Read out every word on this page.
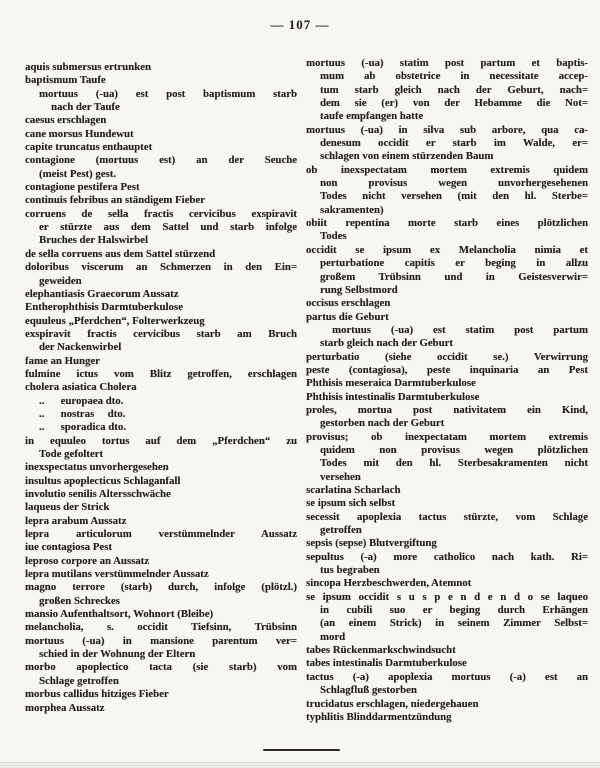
— 107 —
aquis submersus ertrunken
baptismum Taufe
mortuus (-ua) est post baptismum starb
nach der Taufe
caesus erschlagen
cane morsus Hundewut
capite truncatus enthauptet
contagione (mortuus est) an der Seuche
(meist Pest) gest.
contagione pestifera Pest
continuis febribus an ständigem Fieber
corruens de sella fractis cervicibus exspiravit
er stürzte aus dem Sattel und starb infolge
Bruches der Halswirbel
de sella corruens aus dem Sattel stürzend
doloribus viscerum an Schmerzen in den Ein=
geweiden
elephantiasis Graecorum Aussatz
Entherophthisis Darmtuberkulose
equuleus „Pferdchen“, Folterwerkzeug
exspiravit fractis cervicibus starb am Bruch
der Nackenwirbel
fame an Hunger
fulmine ictus vom Blitz getroffen, erschlagen
cholera asiatica Cholera
..  europaea dto.
..  nostras  dto.
..  sporadica dto.
in equuleo tortus auf dem „Pferdchen“ zu
Tode gefoltert
inexspectatus unvorhergesehen
insultus apoplecticus Schlaganfall
involutio senilis Altersschwäche
laqueus der Strick
lepra arabum Aussatz
lepra articulorum verstümmelnder Aussatz
iue contagiosa Pest
leproso corpore an Aussatz
lepra mutilans verstümmelnder Aussatz
magno terrore (starb) durch, infolge (plötzl.)
großen Schreckes
mansio Aufenthaltsort, Wohnort (Bleibe)
melancholia, s. occidit Tiefsinn, Trübsinn
mortuus (-ua) in mansione parentum ver=
schied in der Wohnung der Eltern
morbo apoplectico tacta (sie starb) vom
Schlage getroffen
morbus callidus hitziges Fieber
morphea Aussatz
mortuus (-ua) statim post partum et baptis-
mum ab obstetrice in necessitate accep-
tum starb gleich nach der Geburt, nach=
dem sie (er) von der Hebamme die Not=
taufe empfangen hatte
mortuus (-ua) in silva sub arbore, qua ca-
denesum occidit er starb im Walde, er=
schlagen von einem stürzenden Baum
ob inexspectatam mortem extremis quidem
non provisus wegen unvorhergesehenen
Todes nicht versehen (mit den hl. Sterbe=
sakramenten)
obiit repentina morte starb eines plötzlichen
Todes
occidit se ipsum ex Melancholia nimia et
perturbatione capitis er beging in allzu
großem Trübsinn und in Geistesverwir=
rung Selbstmord
occisus erschlagen
partus die Geburt
mortuus (-ua) est statim post partum
starb gleich nach der Geburt
perturbatio (siehe occidit se.) Verwirrung
peste (contagiosa), peste inquinaria an Pest
Phthisis meseraica Darmtuberkulose
Phthisis intestinalis Darmtuberkulose
proles, mortua post nativitatem ein Kind,
gestorben nach der Geburt
provisus; ob inexpectatam mortem extremis
quidem non provisus wegen plötzlichen
Todes mit den hl. Sterbesakramenten nicht
versehen
scarlatina Scharlach
se ipsum sich selbst
secessit apoplexia tactus stürzte, vom Schlage
getroffen
sepsis (sepse) Blutvergiftung
sepultus (-a) more catholico nach kath. Ri=
tus begraben
sincopa Herzbeschwerden, Atemnot
se ipsum occidit s u s p e n d e n d o se laqueo
in cubili suo er beging durch Erhängen
(an einem Strick) in seinem Zimmer Selbst=
mord
tabes Rückenmarkschwindsucht
tabes intestinalis Darmtuberkulose
tactus (-a) apoplexia mortuus (-a) est an
Schlagfluß gestorben
trucidatus erschlagen, niedergehauen
typhlitis Blinddarmentzündung
